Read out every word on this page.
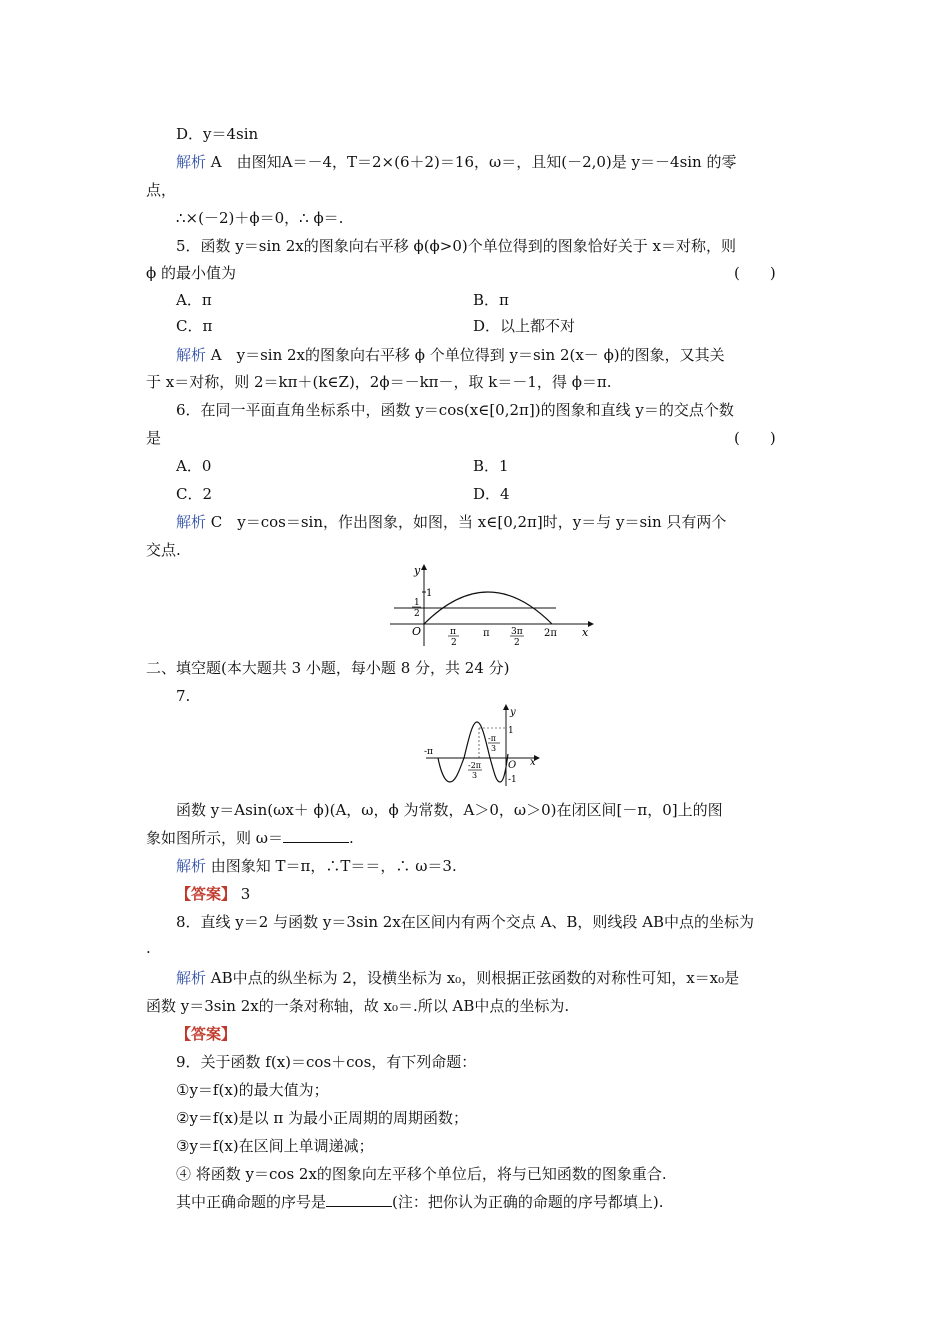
D．y＝4sin
解析 A　由图知A＝－4，T＝2×(6＋2)＝16，ω＝，且知(－2,0)是 y＝－4sin 的零
点，
∴×(－2)＋ϕ＝0，∴ ϕ＝.
5．函数 y＝sin 2x的图象向右平移 ϕ(ϕ>0)个单位得到的图象恰好关于 x＝对称，则
ϕ 的最小值为	(　　)
A．π	B．π
C．π	D．以上都不对
解析 A　y＝sin 2x的图象向右平移 ϕ 个单位得到 y＝sin 2(x－ ϕ)的图象，又其关
于 x＝对称，则 2＝kπ＋(k∈Z)，2ϕ＝－kπ－，取 k＝－1，得 ϕ＝π.
6．在同一平面直角坐标系中，函数 y＝cos(x∈[0,2π])的图象和直线 y＝的交点个数
是	(　　)
A．0	B．1
C．2	D．4
解析 C　y＝cos＝sin，作出图象，如图，当 x∈[0,2π]时，y＝与 y＝sin 只有两个
交点.
y
x
O
1
1
2
π
2
π 3π
2
2π
二、填空题(本大题共 3 小题，每小题 8 分，共 24 分)
7.
y
x
O
1
-1
-π
-2π
3
-π
3
函数 y＝Asin(ωx＋ ϕ)(A，ω，ϕ 为常数，A＞0，ω＞0)在闭区间[－π，0]上的图
象如图所示，则 ω＝	.
解析 由图象知 T＝π，∴T＝＝，∴ ω＝3.
【答案】 3
8．直线 y＝2 与函数 y＝3sin 2x在区间内有两个交点 A、B，则线段 AB中点的坐标为
.
解析 AB中点的纵坐标为 2，设横坐标为 x₀，则根据正弦函数的对称性可知，x＝x₀是
函数 y＝3sin 2x的一条对称轴，故 x₀＝.所以 AB中点的坐标为.
【答案】
9．关于函数 f(x)＝cos＋cos，有下列命题：
①y＝f(x)的最大值为；
②y＝f(x)是以 π 为最小正周期的周期函数；
③y＝f(x)在区间上单调递减；
④ 将函数 y＝cos 2x的图象向左平移个单位后，将与已知函数的图象重合.
其中正确命题的序号是	(注：把你认为正确的命题的序号都填上).
